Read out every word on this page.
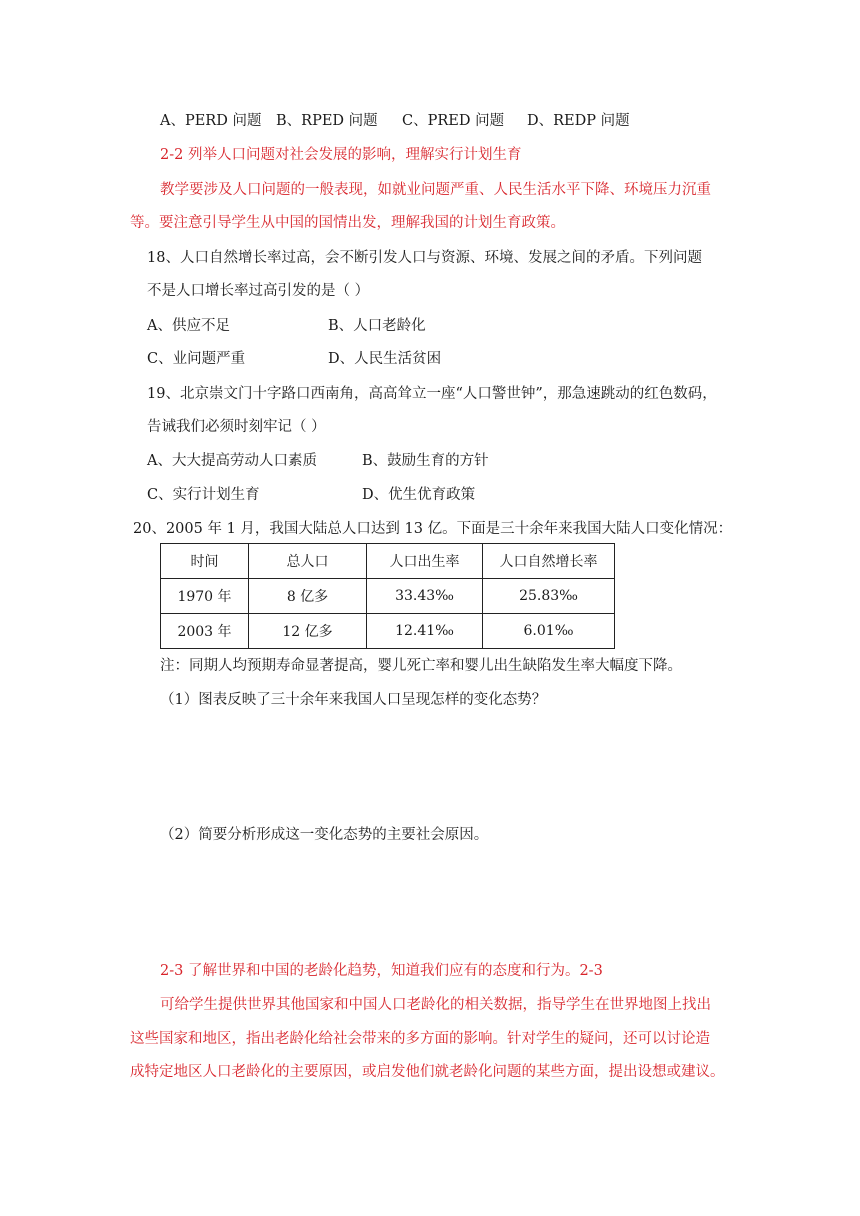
A、PERD 问题 B、RPED 问题 C、PRED 问题 D、REDP 问题
2-2 列举人口问题对社会发展的影响，理解实行计划生育
教学要涉及人口问题的一般表现，如就业问题严重、人民生活水平下降、环境压力沉重
等。要注意引导学生从中国的国情出发，理解我国的计划生育政策。
18、人口自然增长率过高，会不断引发人口与资源、环境、发展之间的矛盾。下列问题
不是人口增长率过高引发的是（ ）
A、供应不足	B、人口老龄化
C、业问题严重	D、人民生活贫困
19、北京崇文门十字路口西南角，高高耸立一座“人口警世钟”，那急速跳动的红色数码，
告诫我们必须时刻牢记（ ）
A、大大提高劳动人口素质	B、鼓励生育的方针
C、实行计划生育	D、优生优育政策
20、2005 年 1 月，我国大陆总人口达到 13 亿。下面是三十余年来我国大陆人口变化情况：
时间	总人口	人口出生率	人口自然增长率
1970 年	8 亿多	33.43‰	25.83‰
2003 年	12 亿多	12.41‰	6.01‰
注：同期人均预期寿命显著提高，婴儿死亡率和婴儿出生缺陷发生率大幅度下降。
（1）图表反映了三十余年来我国人口呈现怎样的变化态势？
（2）简要分析形成这一变化态势的主要社会原因。
2-3 了解世界和中国的老龄化趋势，知道我们应有的态度和行为。2-3
可给学生提供世界其他国家和中国人口老龄化的相关数据，指导学生在世界地图上找出
这些国家和地区，指出老龄化给社会带来的多方面的影响。针对学生的疑问，还可以讨论造
成特定地区人口老龄化的主要原因，或启发他们就老龄化问题的某些方面，提出设想或建议。
